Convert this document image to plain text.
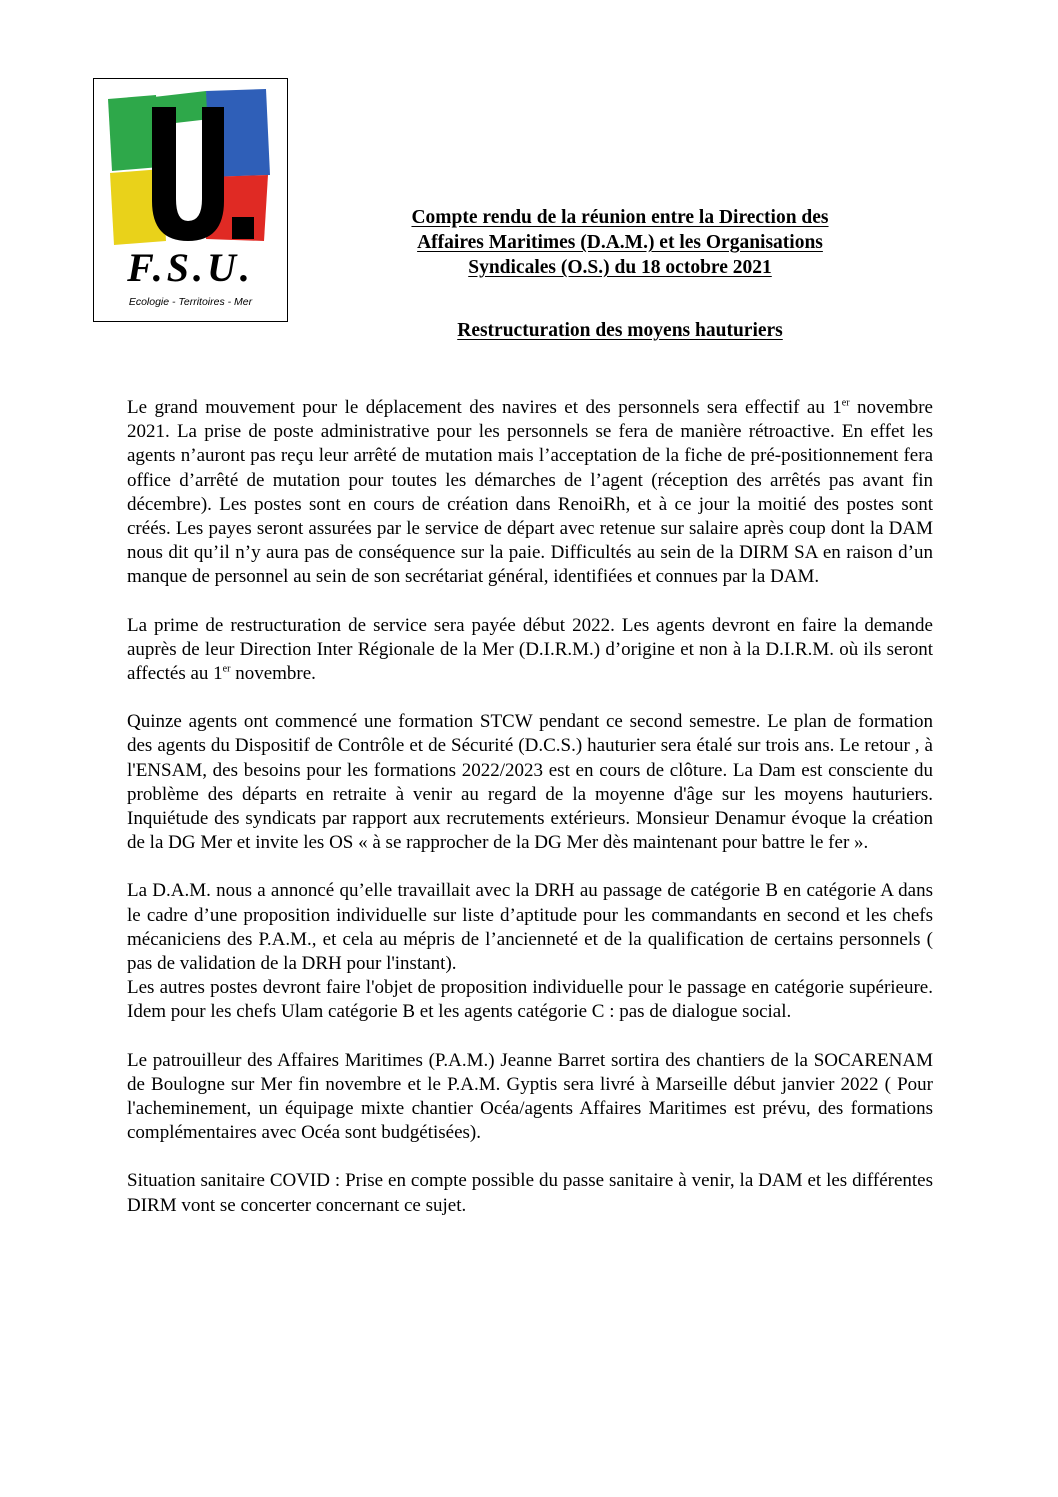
F.S.U.
Ecologie - Territoires - Mer
Compte rendu de la réunion entre la Direction des
Affaires Maritimes (D.A.M.) et les Organisations
Syndicales (O.S.) du 18 octobre 2021
Restructuration des moyens hauturiers

Le grand mouvement pour le déplacement des navires et des personnels sera effectif au 1er novembre 2021. La prise de poste administrative pour les personnels se fera de manière rétroactive. En effet les agents n’auront pas reçu leur arrêté de mutation mais l’acceptation de la fiche de pré-positionnement fera office d’arrêté de mutation pour toutes les démarches de l’agent (réception des arrêtés pas avant fin décembre). Les postes sont en cours de création dans RenoiRh, et à ce jour la moitié des postes sont créés. Les payes seront assurées par le service de départ avec retenue sur salaire après coup dont la DAM nous dit qu’il n’y aura pas de conséquence sur la paie. Difficultés au sein de la DIRM SA en raison d’un manque de personnel au sein de son secrétariat général, identifiées et connues par la DAM.

La prime de restructuration de service sera payée début 2022. Les agents devront en faire la demande auprès de leur Direction Inter Régionale de la Mer (D.I.R.M.) d’origine et non à la D.I.R.M. où ils seront affectés au 1er novembre.

Quinze agents ont commencé une formation STCW pendant ce second semestre. Le plan de formation des agents du Dispositif de Contrôle et de Sécurité (D.C.S.) hauturier sera étalé sur trois ans. Le retour , à l'ENSAM, des besoins pour les formations 2022/2023 est en cours de clôture. La Dam est consciente du problème des départs en retraite à venir au regard de la moyenne d'âge sur les moyens hauturiers. Inquiétude des syndicats par rapport aux recrutements extérieurs. Monsieur Denamur évoque la création de la DG Mer et invite les OS « à se rapprocher de la DG Mer dès maintenant pour battre le fer ».

La D.A.M. nous a annoncé qu’elle travaillait avec la DRH au passage de catégorie B en catégorie A dans le cadre d’une proposition individuelle sur liste d’aptitude pour les commandants en second et les chefs mécaniciens des P.A.M., et cela au mépris de l’ancienneté et de la qualification de certains personnels ( pas de validation de la DRH pour l'instant).

Les autres postes devront faire l'objet de proposition individuelle pour le passage en catégorie supérieure. Idem pour les chefs Ulam catégorie B et les agents catégorie C : pas de dialogue social.

Le patrouilleur des Affaires Maritimes (P.A.M.) Jeanne Barret sortira des chantiers de la SOCARENAM de Boulogne sur Mer fin novembre et le P.A.M. Gyptis sera livré à Marseille début janvier 2022 ( Pour l'acheminement, un équipage mixte chantier Océa/agents Affaires Maritimes est prévu, des formations complémentaires avec Océa sont budgétisées).

Situation sanitaire COVID : Prise en compte possible du passe sanitaire à venir, la DAM et les différentes DIRM vont se concerter concernant ce sujet.
